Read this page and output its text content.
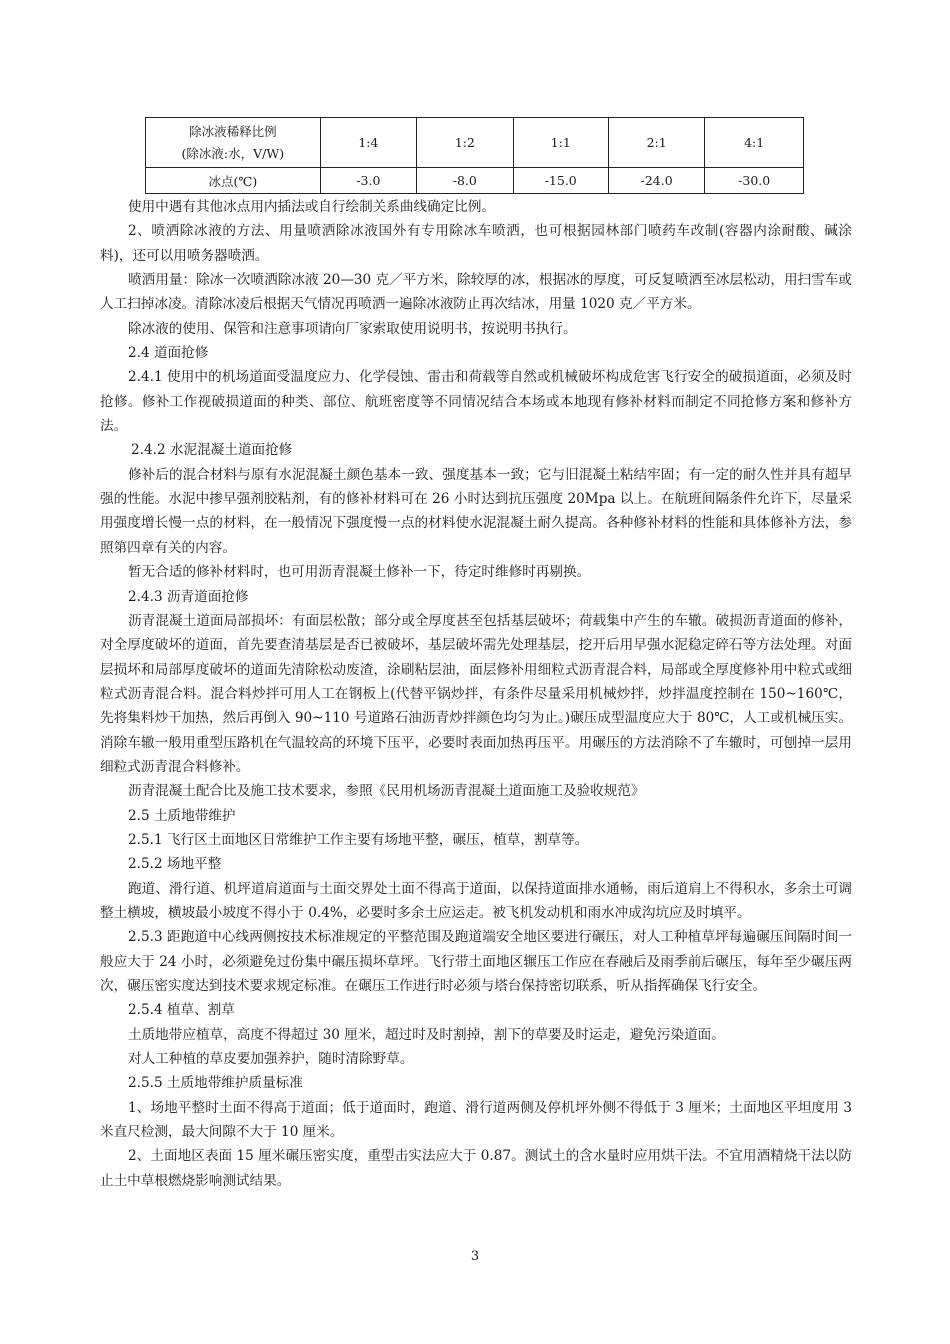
除冰液稀释比例
(除冰液:水，V/W)	1:4	1:2	1:1	2:1	4:1
冰点(℃)	-3.0	-8.0	-15.0	-24.0	-30.0

使用中遇有其他冰点用内插法或自行绘制关系曲线确定比例。

2、喷洒除冰液的方法、用量喷洒除冰液国外有专用除冰车喷洒，也可根据园林部门喷药车改制(容器内涂耐酸、碱涂料)，还可以用喷务器喷洒。

喷洒用量：除冰一次喷洒除冰液 20—30 克／平方米，除较厚的冰，根据冰的厚度，可反复喷洒至冰层松动，用扫雪车或人工扫掉冰凌。清除冰凌后根据天气情况再喷洒一遍除冰液防止再次结冰，用量 1020 克／平方米。

除冰液的使用、保管和注意事项请向厂家索取使用说明书，按说明书执行。

2.4 道面抢修

2.4.1 使用中的机场道面受温度应力、化学侵蚀、雷击和荷载等自然或机械破坏构成危害飞行安全的破损道面，必须及时抢修。修补工作视破损道面的种类、部位、航班密度等不同情况结合本场或本地现有修补材料而制定不同抢修方案和修补方法。

2.4.2 水泥混凝土道面抢修

修补后的混合材料与原有水泥混凝土颜色基本一致、强度基本一致；它与旧混凝土粘结牢固；有一定的耐久性并具有超早强的性能。水泥中掺早强剂胶粘剂，有的修补材料可在 26 小时达到抗压强度 20Mpa 以上。在航班间隔条件允许下，尽量采用强度增长慢一点的材料，在一般情况下强度慢一点的材料使水泥混凝土耐久提高。各种修补材料的性能和具体修补方法，参照第四章有关的内容。

暂无合适的修补材料时，也可用沥青混凝土修补一下，待定时维修时再剔换。

2.4.3 沥青道面抢修

沥青混凝土道面局部损坏：有面层松散；部分或全厚度甚至包括基层破坏；荷载集中产生的车辙。破损沥青道面的修补，对全厚度破坏的道面，首先要查清基层是否已被破坏，基层破坏需先处理基层，挖开后用早强水泥稳定碎石等方法处理。对面层损坏和局部厚度破坏的道面先清除松动废渣，涂刷粘层油，面层修补用细粒式沥青混合料，局部或全厚度修补用中粒式或细粒式沥青混合料。混合料炒拌可用人工在钢板上(代替平锅炒拌，有条件尽量采用机械炒拌，炒拌温度控制在 150~160℃，先将集料炒干加热，然后再倒入 90~110 号道路石油沥青炒拌颜色均匀为止。)碾压成型温度应大于 80℃，人工或机械压实。消除车辙一般用重型压路机在气温较高的环境下压平，必要时表面加热再压平。用碾压的方法消除不了车辙时，可刨掉一层用细粒式沥青混合料修补。

沥青混凝土配合比及施工技术要求，参照《民用机场沥青混凝土道面施工及验收规范》

2.5 土质地带维护

2.5.1 飞行区土面地区日常维护工作主要有场地平整，碾压，植草，割草等。

2.5.2 场地平整

跑道、滑行道、机坪道肩道面与土面交界处土面不得高于道面，以保持道面排水通畅，雨后道肩上不得积水，多余土可调整土横坡，横坡最小坡度不得小于 0.4%，必要时多余土应运走。被飞机发动机和雨水冲成沟坑应及时填平。

2.5.3 距跑道中心线两侧按技术标准规定的平整范围及跑道端安全地区要进行碾压，对人工种植草坪每遍碾压间隔时间一般应大于 24 小时，必须避免过份集中碾压损坏草坪。飞行带土面地区辗压工作应在春融后及雨季前后碾压，每年至少碾压两次，碾压密实度达到技术要求规定标准。在碾压工作进行时必须与塔台保持密切联系，听从指挥确保飞行安全。

2.5.4 植草、割草

土质地带应植草，高度不得超过 30 厘米，超过时及时割掉，割下的草要及时运走，避免污染道面。

对人工种植的草皮要加强养护，随时清除野草。

2.5.5 土质地带维护质量标准

1、场地平整时土面不得高于道面；低于道面时，跑道、滑行道两侧及停机坪外侧不得低于 3 厘米；土面地区平坦度用 3 米直尺检测，最大间隙不大于 10 厘米。

2、土面地区表面 15 厘米碾压密实度，重型击实法应大于 0.87。测试土的含水量时应用烘干法。不宜用酒精烧干法以防止土中草根燃烧影响测试结果。

3
